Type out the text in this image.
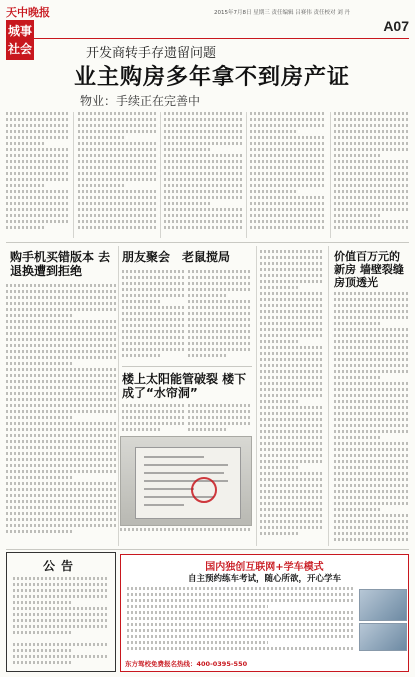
天中晚报
城事
社会
2015年7月8日 星期三 责任编辑 吕赛伟 责任校对 刘 丹
A07
开发商转手存遗留问题
业主购房多年拿不到房产证
物业：手续正在完善中
购手机买错版本 去退换遭到拒绝
朋友聚会　老鼠搅局
楼上太阳能管破裂 楼下成了“水帘洞”
价值百万元的新房 墙壁裂缝房顶透光
公告	国内独创互联网+学车模式
自主预约练车考试，随心所欲，开心学车
东方驾校免费报名热线：400-0395-550
